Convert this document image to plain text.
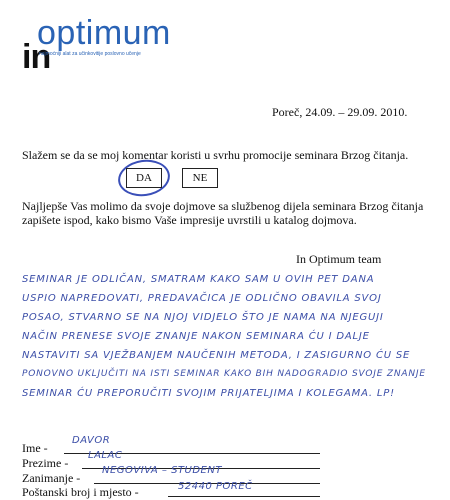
optimum
in
najmoćniji alat za učinkovitije poslovno učenje
Poreč, 24.09. – 29.09. 2010.
Slažem se da se moj komentar koristi u svrhu promocije seminara Brzog čitanja.
DA	NE
Najljepše Vas molimo da svoje dojmove sa službenog dijela seminara Brzog čitanja zapišete ispod, kako bismo Vaše impresije uvrstili u katalog dojmova.
In Optimum team
SEMINAR JE ODLIČAN, SMATRAM KAKO SAM U OVIH PET DANA
USPIO NAPREDOVATI, PREDAVAČICA JE ODLIČNO OBAVILA SVOJ
POSAO, STVARNO SE NA NJOJ VIDJELO ŠTO JE NAMA NA NJEGUJI
NAČIN PRENESE SVOJE ZNANJE NAKON SEMINARA ĆU I DALJE
NASTAVITI SA VJEŽBANJEM NAUČENIH METODA, I ZASIGURNO ĆU SE
PONOVNO UKLJUČITI NA ISTI SEMINAR KAKO BIH NADOGRADIO SVOJE ZNANJE
SEMINAR ĆU PREPORUČITI SVOJIM PRIJATELJIMA I KOLEGAMA. LP!
Ime -
DAVOR
Prezime -
LALAC
Zanimanje -
NEGOVIVA – STUDENT
Poštanski broj i mjesto -	52440 POREČ
